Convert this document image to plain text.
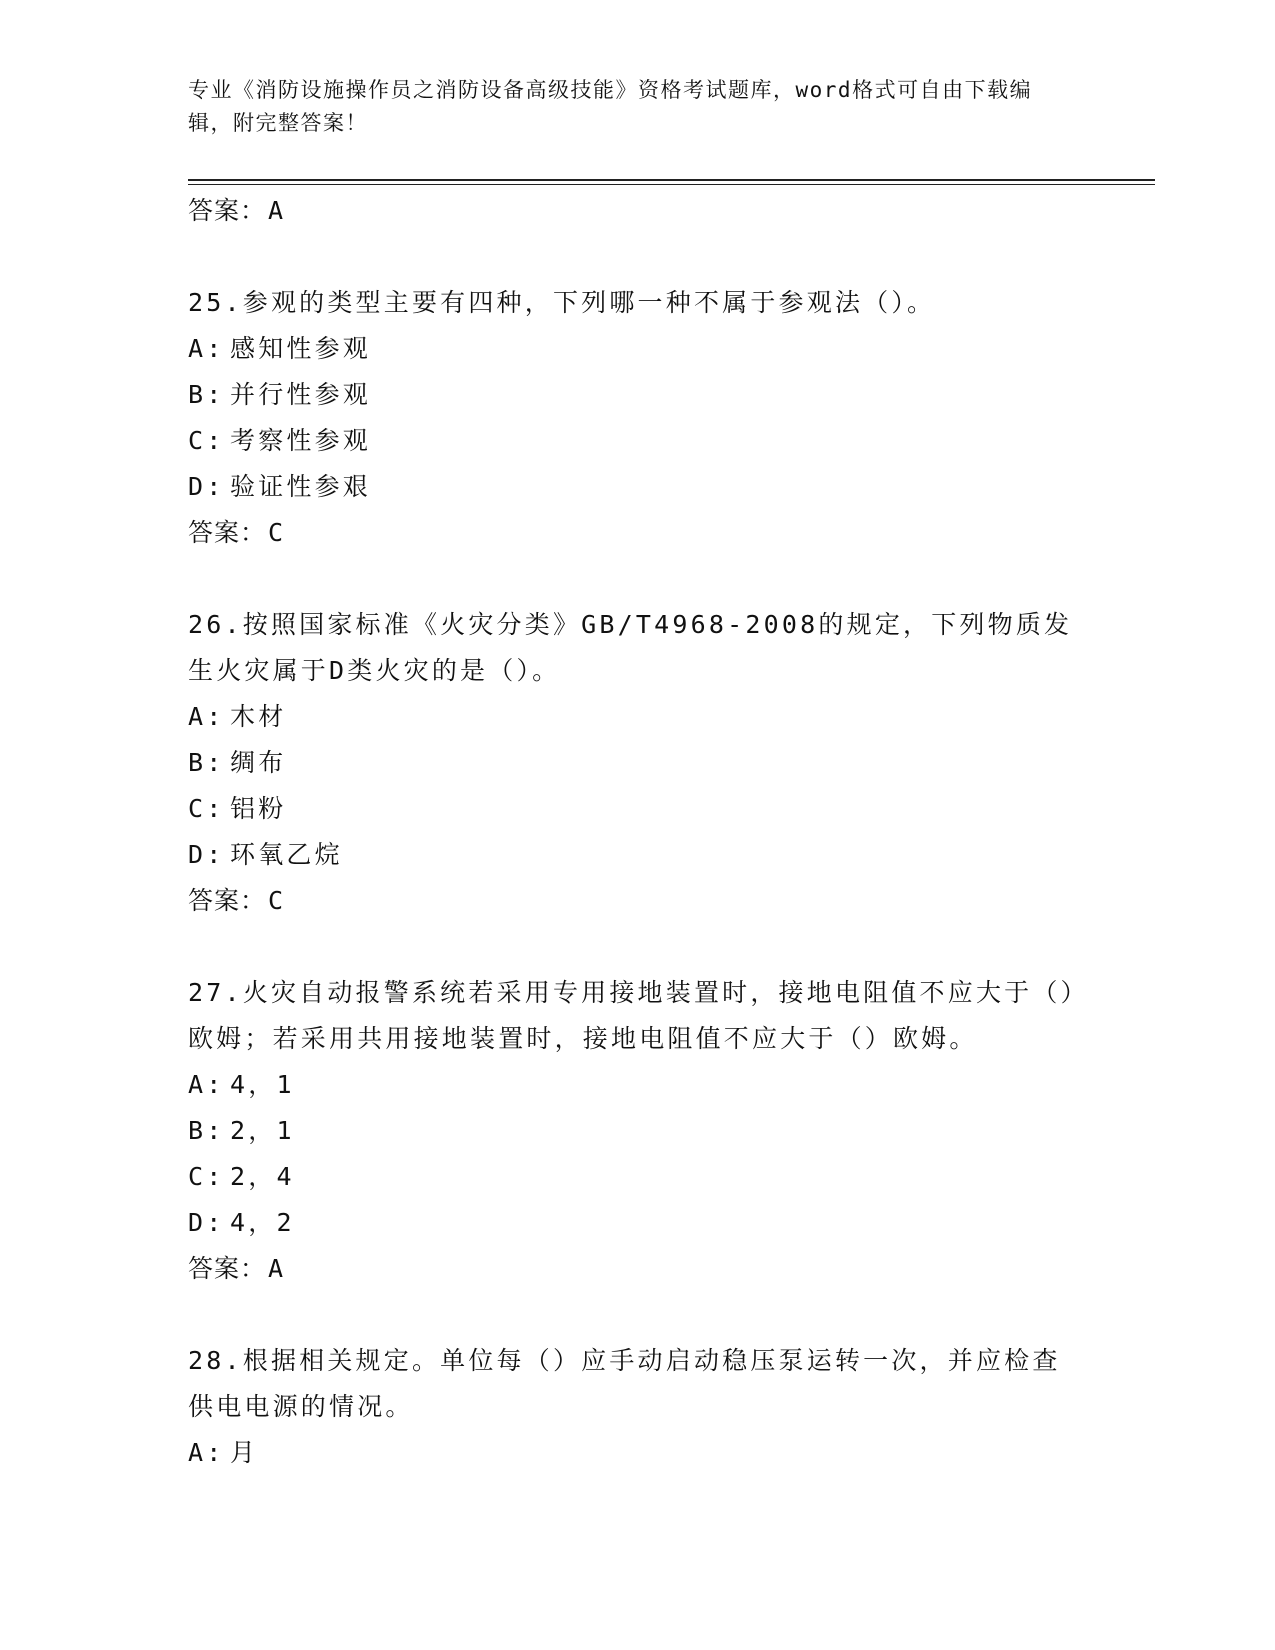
专业《消防设施操作员之消防设备高级技能》资格考试题库，word格式可自由下载编辑，附完整答案！
答案：A
25.参观的类型主要有四种，下列哪一种不属于参观法（）。
A: 感知性参观
B: 并行性参观
C: 考察性参观
D: 验证性参艰
答案：C
26.按照国家标准《火灾分类》GB/T4968-2008的规定，下列物质发生火灾属于D类火灾的是（）。
A: 木材
B: 绸布
C: 铝粉
D: 环氧乙烷
答案：C
27.火灾自动报警系统若采用专用接地装置时，接地电阻值不应大于（）欧姆；若采用共用接地装置时，接地电阻值不应大于（）欧姆。
A: 4，1
B: 2，1
C: 2，4
D: 4，2
答案：A
28.根据相关规定。单位每（）应手动启动稳压泵运转一次，并应检查供电电源的情况。
A: 月
